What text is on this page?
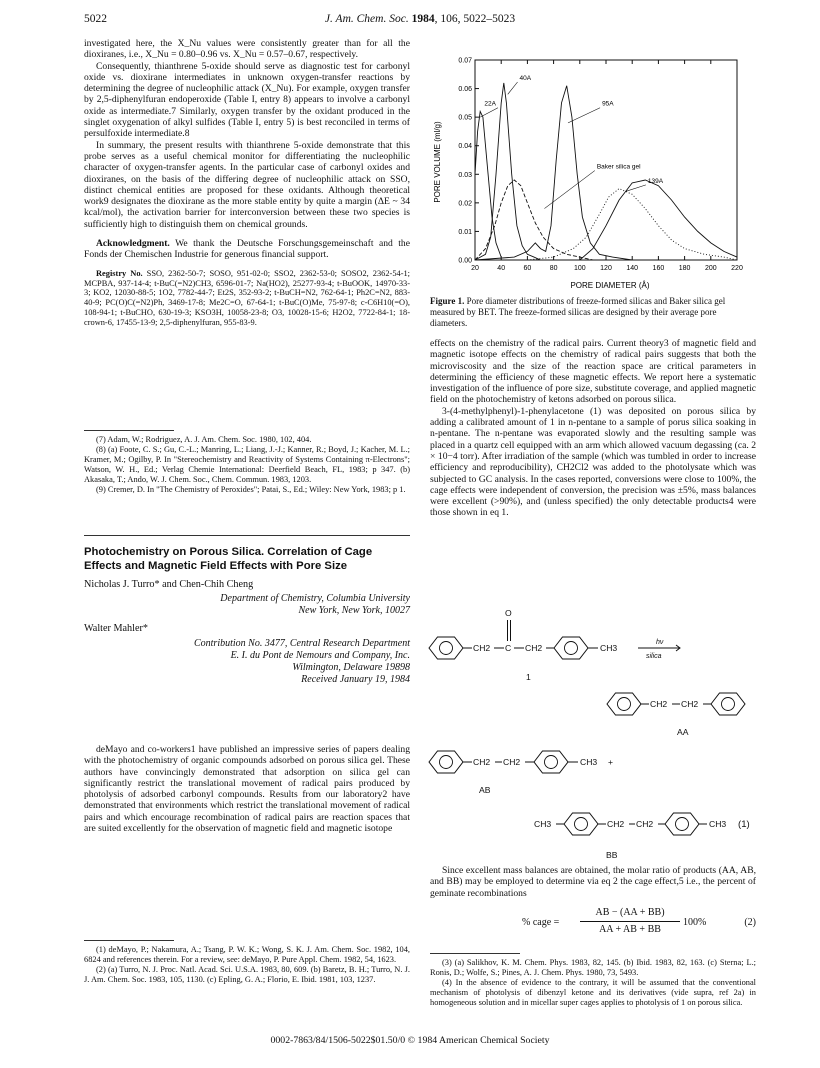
5022	J. Am. Chem. Soc. 1984, 106, 5022–5023

investigated here, the X_Nu values were consistently greater than for all the dioxiranes, i.e., X_Nu = 0.80–0.96 vs. X_Nu = 0.57–0.67, respectively.

Consequently, thianthrene 5-oxide should serve as diagnostic test for carbonyl oxide vs. dioxirane intermediates in unknown oxygen-transfer reactions by determining the degree of nucleophilic attack (X_Nu). For example, oxygen transfer by 2,5-diphenylfuran endoperoxide (Table I, entry 8) appears to involve a carbonyl oxide as intermediate.7 Similarly, oxygen transfer by the oxidant produced in the singlet oxygenation of alkyl sulfides (Table I, entry 5) is best reconciled in terms of persulfoxide intermediate.8

In summary, the present results with thianthrene 5-oxide demonstrate that this probe serves as a useful chemical monitor for differentiating the nucleophilic character of oxygen-transfer agents. In the particular case of carbonyl oxides and dioxiranes, on the basis of the differing degree of nucleophilic attack on SSO, distinct chemical entities are proposed for these oxidants. Although theoretical work9 designates the dioxirane as the more stable entity by quite a margin (ΔE ~ 34 kcal/mol), the activation barrier for interconversion between these two species is sufficiently high to distinguish them on chemical grounds.

Acknowledgment. We thank the Deutsche Forschungsgemeinschaft and the Fonds der Chemischen Industrie for generous financial support.

Registry No. SSO, 2362-50-7; SOSO, 951-02-0; SSO2, 2362-53-0; SOSO2, 2362-54-1; MCPBA, 937-14-4; t-BuC(=N2)CH3, 6596-01-7; Na(HO2), 25277-93-4; t-BuOOK, 14970-33-3; KO2, 12030-88-5; 1O2, 7782-44-7; Et2S, 352-93-2; t-BuCH=N2, 762-64-1; Ph2C=N2, 883-40-9; PC(O)C(=N2)Ph, 3469-17-8; Me2C=O, 67-64-1; t-BuC(O)Me, 75-97-8; c-C6H10(=O), 108-94-1; t-BuCHO, 630-19-3; KSO3H, 10058-23-8; O3, 10028-15-6; H2O2, 7722-84-1; 18-crown-6, 17455-13-9; 2,5-diphenylfuran, 955-83-9.

(7) Adam, W.; Rodriguez, A. J. Am. Chem. Soc. 1980, 102, 404.

(8) (a) Foote, C. S.; Gu, C.-L.; Manring, L.; Liang, J.-J.; Kanner, R.; Boyd, J.; Kacher, M. L.; Kramer, M.; Ogilby, P. In "Stereochemistry and Reactivity of Systems Containing π-Electrons"; Watson, W. H., Ed.; Verlag Chemie International: Deerfield Beach, FL, 1983; p 347. (b) Akasaka, T.; Ando, W. J. Chem. Soc., Chem. Commun. 1983, 1203.

(9) Cremer, D. In "The Chemistry of Peroxides"; Patai, S., Ed.; Wiley: New York, 1983; p 1.

Photochemistry on Porous Silica. Correlation of Cage Effects and Magnetic Field Effects with Pore Size
Nicholas J. Turro* and Chen-Chih Cheng
Department of Chemistry, Columbia University
New York, New York, 10027
Walter Mahler*
Contribution No. 3477, Central Research Department
E. I. du Pont de Nemours and Company, Inc.
Wilmington, Delaware 19898
Received January 19, 1984

deMayo and co-workers1 have published an impressive series of papers dealing with the photochemistry of organic compounds adsorbed on porous silica gel. These authors have convincingly demonstrated that adsorption on silica gel can significantly restrict the translational movement of radical pairs produced by photolysis of adsorbed carbonyl compounds. Results from our laboratory2 have demonstrated that environments which restrict the translational movement of radical pairs and which encourage recombination of radical pairs are reaction spaces that are suited excellently for the observation of magnetic field and magnetic isotope

(1) deMayo, P.; Nakamura, A.; Tsang, P. W. K.; Wong, S. K. J. Am. Chem. Soc. 1982, 104, 6824 and references therein. For a review, see: deMayo, P. Pure Appl. Chem. 1982, 54, 1623.

(2) (a) Turro, N. J. Proc. Natl. Acad. Sci. U.S.A. 1983, 80, 609. (b) Baretz, B. H.; Turro, N. J. J. Am. Chem. Soc. 1983, 105, 1130. (c) Epling, G. A.; Florio, E. Ibid. 1981, 103, 1237.

20	40	60	80 100 120 140 160 180 200 220
0.00
0.01
0.02
0.03
0.04
0.05
0.06
0.07
22A
40A
95A
Baker silica gel
139A
PORE VOLUME (ml/g)
PORE DIAMETER (Å)
Figure 1. Pore diameter distributions of freeze-formed silicas and Baker silica gel measured by BET. The freeze-formed silicas are designed by their average pore diameters.

effects on the chemistry of the radical pairs. Current theory3 of magnetic field and magnetic isotope effects on the chemistry of radical pairs suggests that both the microviscosity and the size of the reaction space are critical parameters in determining the efficiency of these magnetic effects. We report here a systematic investigation of the influence of pore size, substitute coverage, and applied magnetic field on the photochemistry of ketons adsorbed on porous silica.

3-(4-methylphenyl)-1-phenylacetone (1) was deposited on porous silica by adding a calibrated amount of 1 in n-pentane to a sample of porus silica soaking in n-pentane. The n-pentane was evaporated slowly and the resulting sample was placed in a quartz cell equipped with an arm which allowed vacuum degassing (ca. 2 × 10−4 torr). After irradiation of the sample (which was tumbled in order to increase efficiency and reproducibility), CH2Cl2 was added to the photolysate which was subjected to GC analysis. In the cases reported, conversions were close to 100%, the cage effects were independent of conversion, the precision was ±5%, mass balances were excellent (>90%), and (unless specified) the only detectable products4 were those shown in eq 1.

CH2 C
O
CH2	CH3
hν
silica
1
CH2 CH2
AA
CH2 CH2	CH3 +
AB
CH3	CH2 CH2	CH3 (1)
BB

Since excellent mass balances are obtained, the molar ratio of products (AA, AB, and BB) may be employed to determine via eq 2 the cage effect,5 i.e., the percent of geminate recombinations

% cage =
AB − (AA + BB)
AA + AB + BB
100%	(2)

(3) (a) Salikhov, K. M. Chem. Phys. 1983, 82, 145. (b) Ibid. 1983, 82, 163. (c) Sterna; L.; Ronis, D.; Wolfe, S.; Pines, A. J. Chem. Phys. 1980, 73, 5493.

(4) In the absence of evidence to the contrary, it will be assumed that the conventional mechanism of photolysis of dibenzyl ketone and its derivatives (vide supra, ref 2a) in homogeneous solution and in micellar super cages applies to photolysis of 1 on porous silica.

0002-7863/84/1506-5022$01.50/0 © 1984 American Chemical Society
